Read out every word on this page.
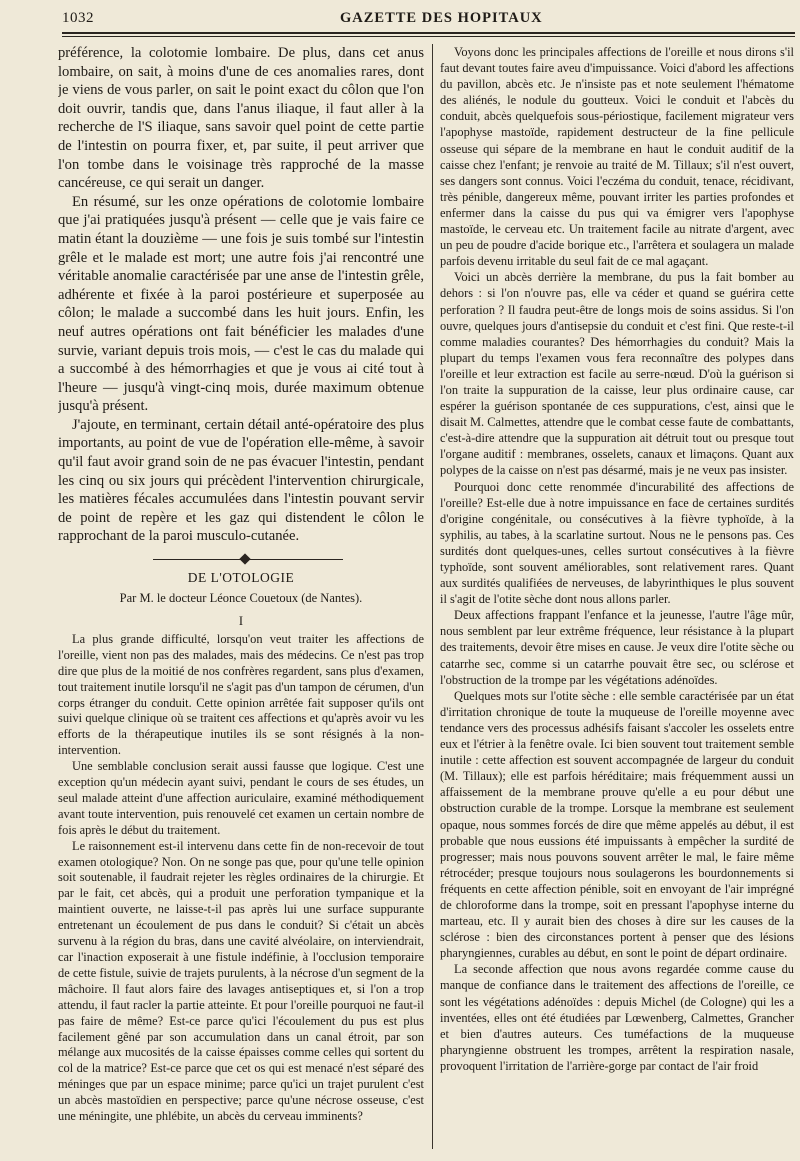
1032	GAZETTE DES HOPITAUX

préférence, la colotomie lombaire. De plus, dans cet anus lombaire, on sait, à moins d'une de ces anomalies rares, dont je viens de vous parler, on sait le point exact du côlon que l'on doit ouvrir, tandis que, dans l'anus iliaque, il faut aller à la recherche de l'S iliaque, sans savoir quel point de cette partie de l'intestin on pourra fixer, et, par suite, il peut arriver que l'on tombe dans le voisinage très rapproché de la masse cancéreuse, ce qui serait un danger.

En résumé, sur les onze opérations de colotomie lombaire que j'ai pratiquées jusqu'à présent — celle que je vais faire ce matin étant la douzième — une fois je suis tombé sur l'intestin grêle et le malade est mort; une autre fois j'ai rencontré une véritable anomalie caractérisée par une anse de l'intestin grêle, adhérente et fixée à la paroi postérieure et superposée au côlon; le malade a succombé dans les huit jours. Enfin, les neuf autres opérations ont fait bénéficier les malades d'une survie, variant depuis trois mois, — c'est le cas du malade qui a succombé à des hémorrhagies et que je vous ai cité tout à l'heure — jusqu'à vingt-cinq mois, durée maximum obtenue jusqu'à présent.

J'ajoute, en terminant, certain détail anté-opératoire des plus importants, au point de vue de l'opération elle-même, à savoir qu'il faut avoir grand soin de ne pas évacuer l'intestin, pendant les cinq ou six jours qui précèdent l'intervention chirurgicale, les matières fécales accumulées dans l'intestin pouvant servir de point de repère et les gaz qui distendent le côlon le rapprochant de la paroi musculo-cutanée.

DE L'OTOLOGIE
Par M. le docteur Léonce Couetoux (de Nantes).
I

La plus grande difficulté, lorsqu'on veut traiter les affections de l'oreille, vient non pas des malades, mais des médecins. Ce n'est pas trop dire que plus de la moitié de nos confrères regardent, sans plus d'examen, tout traitement inutile lorsqu'il ne s'agit pas d'un tampon de cérumen, d'un corps étranger du conduit. Cette opinion arrêtée fait supposer qu'ils ont suivi quelque clinique où se traitent ces affections et qu'après avoir vu les efforts de la thérapeutique inutiles ils se sont résignés à la non-intervention.

Une semblable conclusion serait aussi fausse que logique. C'est une exception qu'un médecin ayant suivi, pendant le cours de ses études, un seul malade atteint d'une affection auriculaire, examiné méthodiquement avant toute intervention, puis renouvelé cet examen un certain nombre de fois après le début du traitement.

Le raisonnement est-il intervenu dans cette fin de non-recevoir de tout examen otologique? Non. On ne songe pas que, pour qu'une telle opinion soit soutenable, il faudrait rejeter les règles ordinaires de la chirurgie. Et par le fait, cet abcès, qui a produit une perforation tympanique et la maintient ouverte, ne laisse-t-il pas après lui une surface suppurante entretenant un écoulement de pus dans le conduit? Si c'était un abcès survenu à la région du bras, dans une cavité alvéolaire, on interviendrait, car l'inaction exposerait à une fistule indéfinie, à l'occlusion temporaire de cette fistule, suivie de trajets purulents, à la nécrose d'un segment de la mâchoire. Il faut alors faire des lavages antiseptiques et, si l'on a trop attendu, il faut racler la partie atteinte. Et pour l'oreille pourquoi ne faut-il pas faire de même? Est-ce parce qu'ici l'écoulement du pus est plus facilement gêné par son accumulation dans un canal étroit, par son mélange aux mucosités de la caisse épaisses comme celles qui sortent du col de la matrice? Est-ce parce que cet os qui est menacé n'est séparé des méninges que par un espace minime; parce qu'ici un trajet purulent c'est un abcès mastoïdien en perspective; parce qu'une nécrose osseuse, c'est une méningite, une phlébite, un abcès du cerveau imminents?

Voyons donc les principales affections de l'oreille et nous dirons s'il faut devant toutes faire aveu d'impuissance. Voici d'abord les affections du pavillon, abcès etc. Je n'insiste pas et note seulement l'hématome des aliénés, le nodule du goutteux. Voici le conduit et l'abcès du conduit, abcès quelquefois sous-périostique, facilement migrateur vers l'apophyse mastoïde, rapidement destructeur de la fine pellicule osseuse qui sépare de la membrane en haut le conduit auditif de la caisse chez l'enfant; je renvoie au traité de M. Tillaux; s'il n'est ouvert, ses dangers sont connus. Voici l'eczéma du conduit, tenace, récidivant, très pénible, dangereux même, pouvant irriter les parties profondes et enfermer dans la caisse du pus qui va émigrer vers l'apophyse mastoïde, le cerveau etc. Un traitement facile au nitrate d'argent, avec un peu de poudre d'acide borique etc., l'arrêtera et soulagera un malade parfois devenu irritable du seul fait de ce mal agaçant.

Voici un abcès derrière la membrane, du pus la fait bomber au dehors : si l'on n'ouvre pas, elle va céder et quand se guérira cette perforation ? Il faudra peut-être de longs mois de soins assidus. Si l'on ouvre, quelques jours d'antisepsie du conduit et c'est fini. Que reste-t-il comme maladies courantes? Des hémorrhagies du conduit? Mais la plupart du temps l'examen vous fera reconnaître des polypes dans l'oreille et leur extraction est facile au serre-nœud. D'où la guérison si l'on traite la suppuration de la caisse, leur plus ordinaire cause, car espérer la guérison spontanée de ces suppurations, c'est, ainsi que le disait M. Calmettes, attendre que le combat cesse faute de combattants, c'est-à-dire attendre que la suppuration ait détruit tout ou presque tout l'organe auditif : membranes, osselets, canaux et limaçons. Quant aux polypes de la caisse on n'est pas désarmé, mais je ne veux pas insister.

Pourquoi donc cette renommée d'incurabilité des affections de l'oreille? Est-elle due à notre impuissance en face de certaines surdités d'origine congénitale, ou consécutives à la fièvre typhoïde, à la syphilis, au tabes, à la scarlatine surtout. Nous ne le pensons pas. Ces surdités dont quelques-unes, celles surtout consécutives à la fièvre typhoïde, sont souvent améliorables, sont relativement rares. Quant aux surdités qualifiées de nerveuses, de labyrinthiques le plus souvent il s'agit de l'otite sèche dont nous allons parler.

Deux affections frappant l'enfance et la jeunesse, l'autre l'âge mûr, nous semblent par leur extrême fréquence, leur résistance à la plupart des traitements, devoir être mises en cause. Je veux dire l'otite sèche ou catarrhe sec, comme si un catarrhe pouvait être sec, ou sclérose et l'obstruction de la trompe par les végétations adénoïdes.

Quelques mots sur l'otite sèche : elle semble caractérisée par un état d'irritation chronique de toute la muqueuse de l'oreille moyenne avec tendance vers des processus adhésifs faisant s'accoler les osselets entre eux et l'étrier à la fenêtre ovale. Ici bien souvent tout traitement semble inutile : cette affection est souvent accompagnée de largeur du conduit (M. Tillaux); elle est parfois héréditaire; mais fréquemment aussi un affaissement de la membrane prouve qu'elle a eu pour début une obstruction curable de la trompe. Lorsque la membrane est seulement opaque, nous sommes forcés de dire que même appelés au début, il est probable que nous eussions été impuissants à empêcher la surdité de progresser; mais nous pouvons souvent arrêter le mal, le faire même rétrocéder; presque toujours nous soulagerons les bourdonnements si fréquents en cette affection pénible, soit en envoyant de l'air imprégné de chloroforme dans la trompe, soit en pressant l'apophyse interne du marteau, etc. Il y aurait bien des choses à dire sur les causes de la sclérose : bien des circonstances portent à penser que des lésions pharyngiennes, curables au début, en sont le point de départ ordinaire.

La seconde affection que nous avons regardée comme cause du manque de confiance dans le traitement des affections de l'oreille, ce sont les végétations adénoïdes : depuis Michel (de Cologne) qui les a inventées, elles ont été étudiées par Lœwenberg, Calmettes, Grancher et bien d'autres auteurs. Ces tuméfactions de la muqueuse pharyngienne obstruent les trompes, arrêtent la respiration nasale, provoquent l'irritation de l'arrière-gorge par contact de l'air froid
